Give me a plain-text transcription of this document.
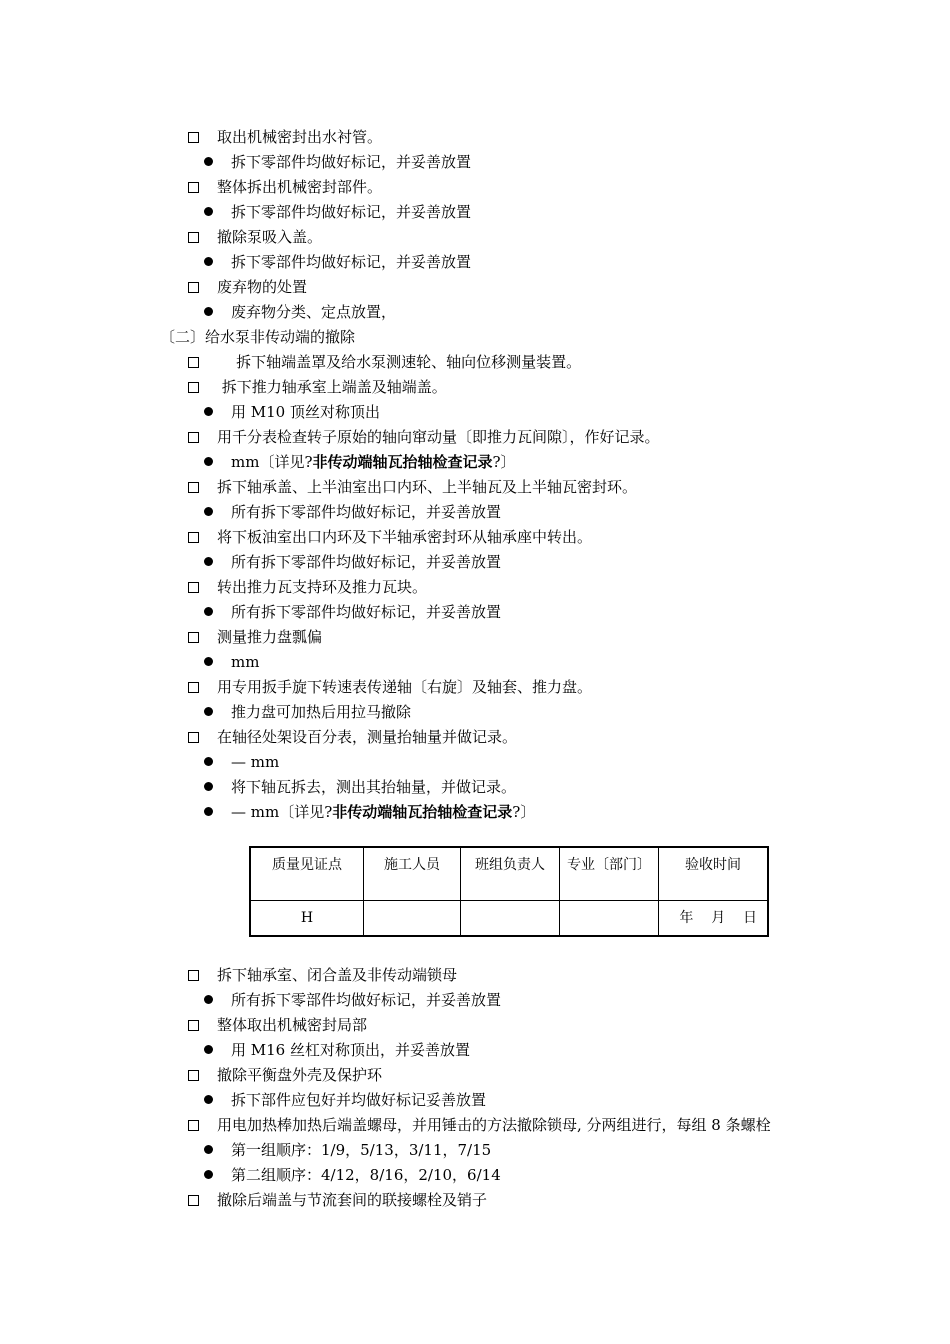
取出机械密封出水衬管。
拆下零部件均做好标记，并妥善放置
整体拆出机械密封部件。
拆下零部件均做好标记，并妥善放置
撤除泵吸入盖。
拆下零部件均做好标记，并妥善放置
废弃物的处置
废弃物分类、定点放置，
〔二〕给水泵非传动端的撤除
拆下轴端盖罩及给水泵测速轮、轴向位移测量装置。
拆下推力轴承室上端盖及轴端盖。
用 M10 顶丝对称顶出
用千分表检查转子原始的轴向窜动量〔即推力瓦间隙〕，作好记录。
mm〔详见?非传动端轴瓦抬轴检查记录?〕
拆下轴承盖、上半油室出口内环、上半轴瓦及上半轴瓦密封环。
所有拆下零部件均做好标记，并妥善放置
将下板油室出口内环及下半轴承密封环从轴承座中转出。
所有拆下零部件均做好标记，并妥善放置
转出推力瓦支持环及推力瓦块。
所有拆下零部件均做好标记，并妥善放置
测量推力盘瓢偏
mm
用专用扳手旋下转速表传递轴〔右旋〕及轴套、推力盘。
推力盘可加热后用拉马撤除
在轴径处架设百分表，测量抬轴量并做记录。
— mm
将下轴瓦拆去，测出其抬轴量，并做记录。
— mm〔详见?非传动端轴瓦抬轴检查记录?〕
拆下轴承室、闭合盖及非传动端锁母
所有拆下零部件均做好标记，并妥善放置
整体取出机械密封局部
用 M16 丝杠对称顶出，并妥善放置
撤除平衡盘外壳及保护环
拆下部件应包好并均做好标记妥善放置
用电加热棒加热后端盖螺母，并用锤击的方法撤除锁母, 分两组进行，每组 8 条螺栓
第一组顺序：1/9，5/13，3/11，7/15
第二组顺序：4/12，8/16，2/10，6/14
撤除后端盖与节流套间的联接螺栓及销子
质量见证点	施工人员	班组负责人	专业〔部门〕	验收时间
H				年    月    日
